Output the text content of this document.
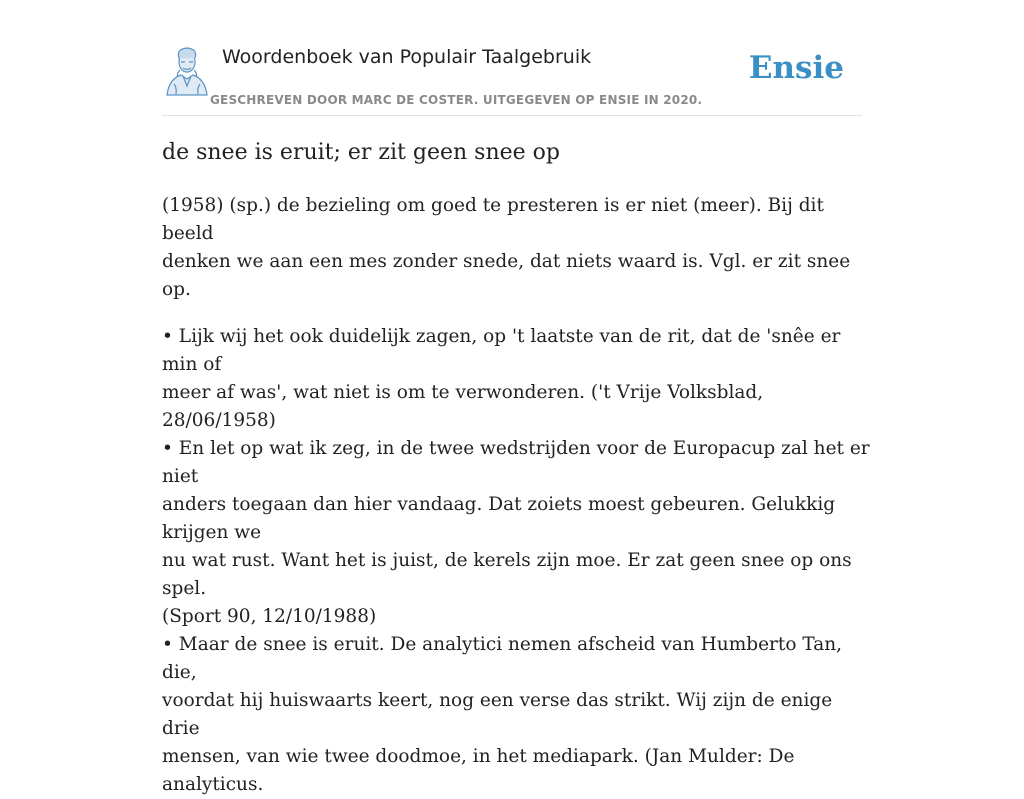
Woordenboek van Populair Taalgebruik
GESCHREVEN DOOR MARC DE COSTER. UITGEGEVEN OP ENSIE IN 2020.
Ensie
de snee is eruit; er zit geen snee op

(1958) (sp.) de bezieling om goed te presteren is er niet (meer). Bij dit beeld
denken we aan een mes zonder snede, dat niets waard is. Vgl. er zit snee op.

• Lijk wij het ook duidelijk zagen, op 't laatste van de rit, dat de 'snêe er min of
meer af was', wat niet is om te verwonderen. ('t Vrije Volksblad, 28/06/1958)
• En let op wat ik zeg, in de twee wedstrijden voor de Europacup zal het er niet
anders toegaan dan hier vandaag. Dat zoiets moest gebeuren. Gelukkig krijgen we
nu wat rust. Want het is juist, de kerels zijn moe. Er zat geen snee op ons spel.
(Sport 90, 12/10/1988)
• Maar de snee is eruit. De analytici nemen afscheid van Humberto Tan, die,
voordat hij huiswaarts keert, nog een verse das strikt. Wij zijn de enige drie
mensen, van wie twee doodmoe, in het mediapark. (Jan Mulder: De analyticus.
